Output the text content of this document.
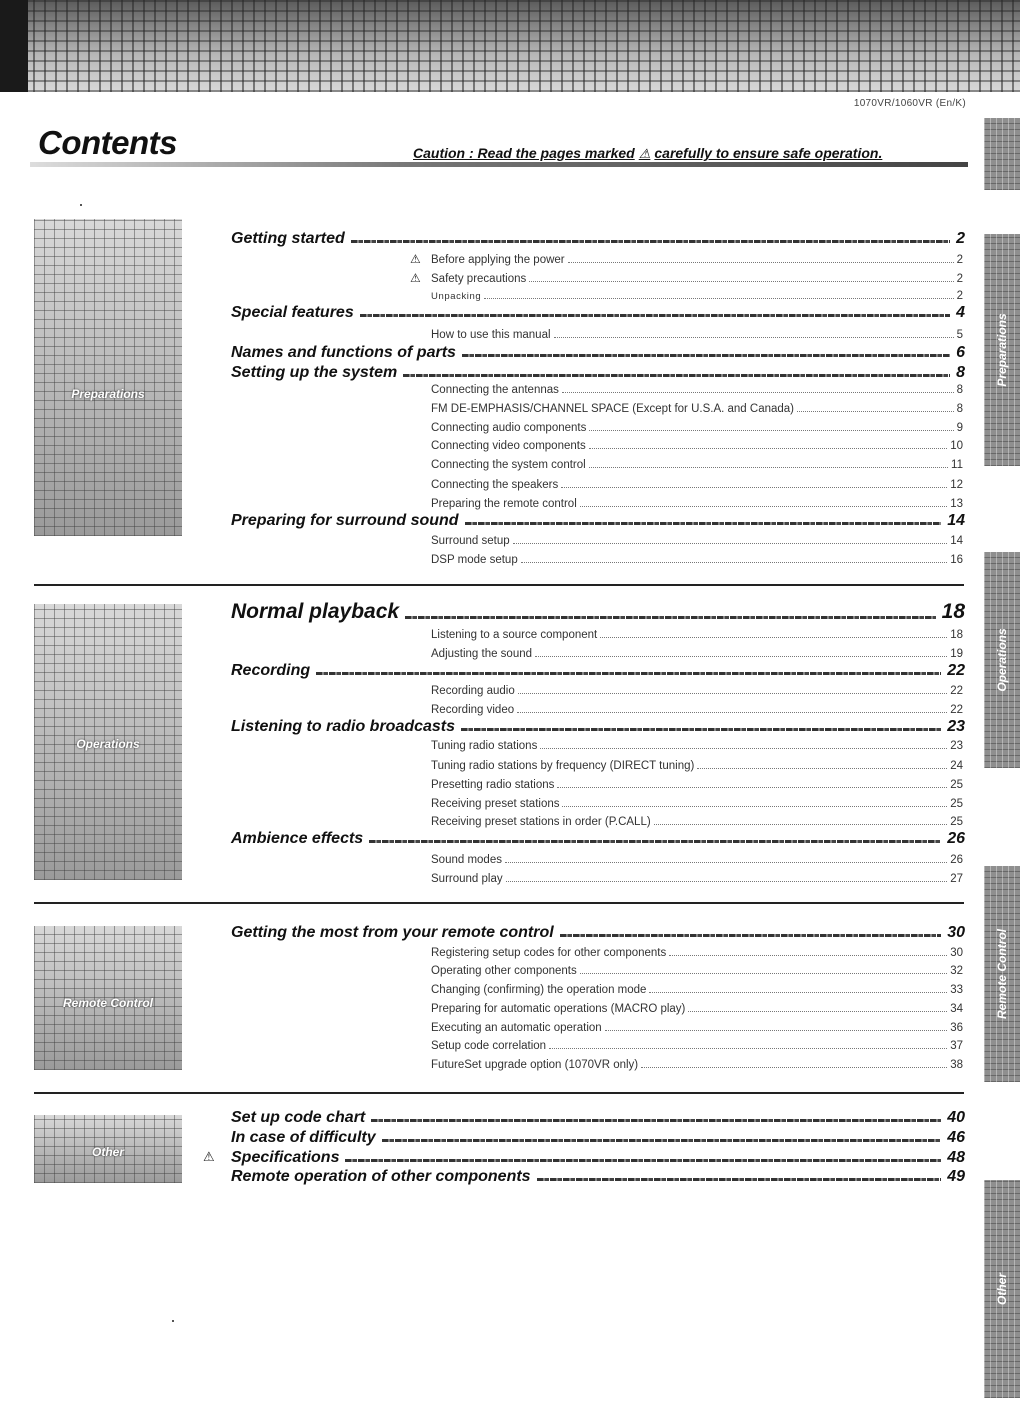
1070VR/1060VR (En/K)
Contents	Caution : Read the pages marked ⚠ carefully to ensure safe operation.
Preparations
Operations
Remote Control
Other
Preparations
Operations
Remote Control
Other
Getting started	2
⚠ Before applying the power	2
⚠ Safety precautions	2
Unpacking	2
Special features	4
How to use this manual	5
Names and functions of parts	6
Setting up the system	8
Connecting the antennas	8
FM DE-EMPHASIS/CHANNEL SPACE (Except for U.S.A. and Canada)	8
Connecting audio components	9
Connecting video components	10
Connecting the system control	11
Connecting the speakers	12
Preparing the remote control	13
Preparing for surround sound	14
Surround setup	14
DSP mode setup	16
Normal playback	18
Listening to a source component	18
Adjusting the sound	19
Recording	22
Recording audio	22
Recording video	22
Listening to radio broadcasts	23
Tuning radio stations	23
Tuning radio stations by frequency (DIRECT tuning)	24
Presetting radio stations	25
Receiving preset stations	25
Receiving preset stations in order (P.CALL)	25
Ambience effects	26
Sound modes	26
Surround play	27
Getting the most from your remote control	30
Registering setup codes for other components	30
Operating other components	32
Changing (confirming) the operation mode	33
Preparing for automatic operations (MACRO play)	34
Executing an automatic operation	36
Setup code correlation	37
FutureSet upgrade option (1070VR only)	38
Set up code chart	40
In case of difficulty	46
⚠ Specifications	48
Remote operation of other components	49
